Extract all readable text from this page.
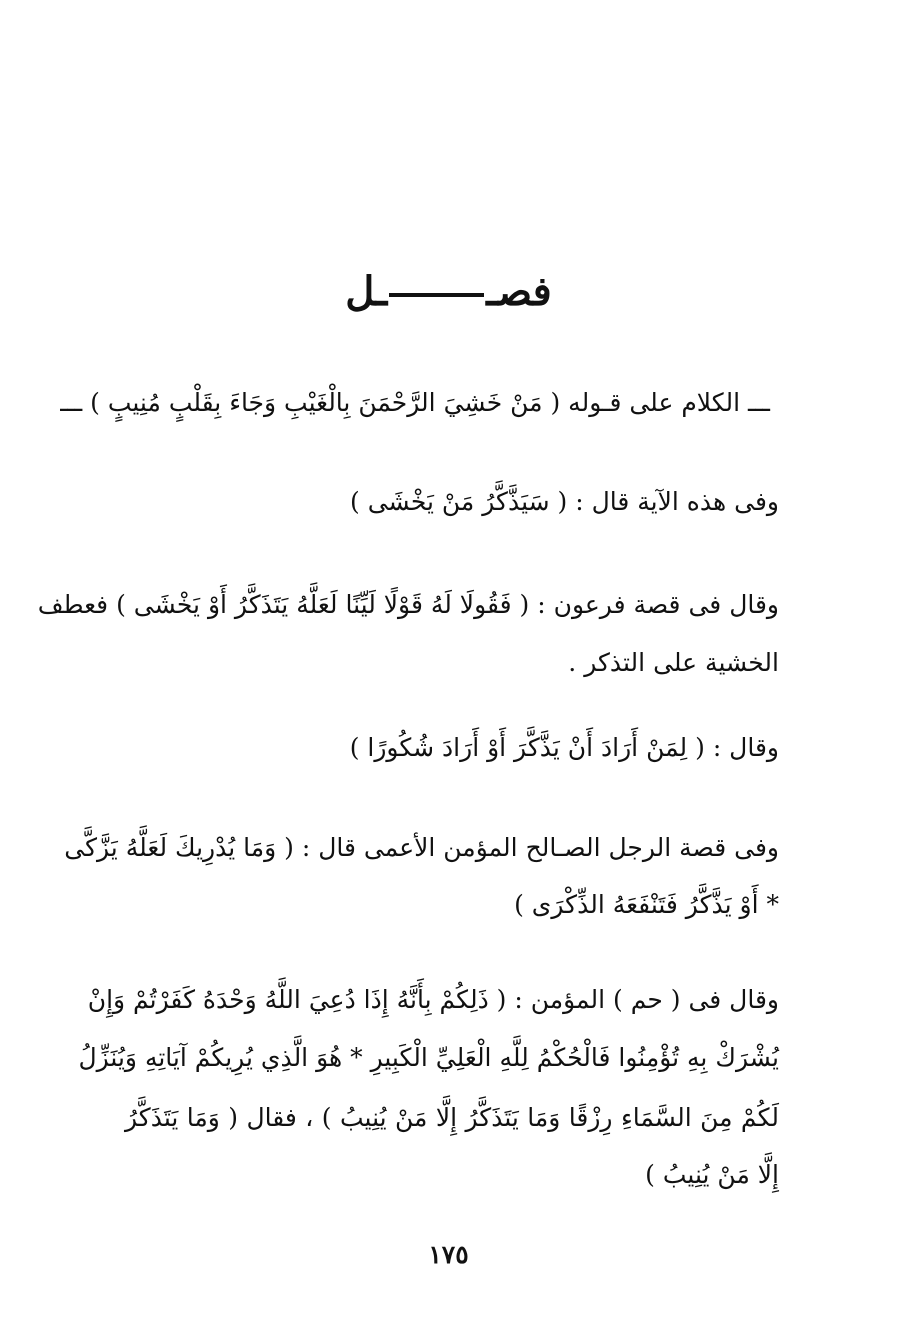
فصــل
ـــ الكلام على قـوله ( مَنْ خَشِيَ الرَّحْمَنَ بِالْغَيْبِ وَجَاءَ بِقَلْبٍ مُنِيبٍ ) ـــ
وفى هذه الآية قال : ( سَيَذَّكَّرُ مَنْ يَخْشَى )
وقال فى قصة فرعون : ( فَقُولَا لَهُ قَوْلًا لَيِّنًا لَعَلَّهُ يَتَذَكَّرُ أَوْ يَخْشَى ) فعطف
الخشية على التذكر .
وقال : ( لِمَنْ أَرَادَ أَنْ يَذَّكَّرَ أَوْ أَرَادَ شُكُورًا )
وفى قصة الرجل الصـالح المؤمن الأعمى قال : ( وَمَا يُدْرِيكَ لَعَلَّهُ يَزَّكَّى
* أَوْ يَذَّكَّرُ فَتَنْفَعَهُ الذِّكْرَى )
وقال فى ( حم ) المؤمن : ( ذَلِكُمْ بِأَنَّهُ إِذَا دُعِيَ اللَّهُ وَحْدَهُ كَفَرْتُمْ وَإِنْ
يُشْرَكْ بِهِ تُؤْمِنُوا فَالْحُكْمُ لِلَّهِ الْعَلِيِّ الْكَبِيرِ * هُوَ الَّذِي يُرِيكُمْ آيَاتِهِ وَيُنَزِّلُ
لَكُمْ مِنَ السَّمَاءِ رِزْقًا وَمَا يَتَذَكَّرُ إِلَّا مَنْ يُنِيبُ ) ، فقال ( وَمَا يَتَذَكَّرُ
إِلَّا مَنْ يُنِيبُ )
١٧٥
